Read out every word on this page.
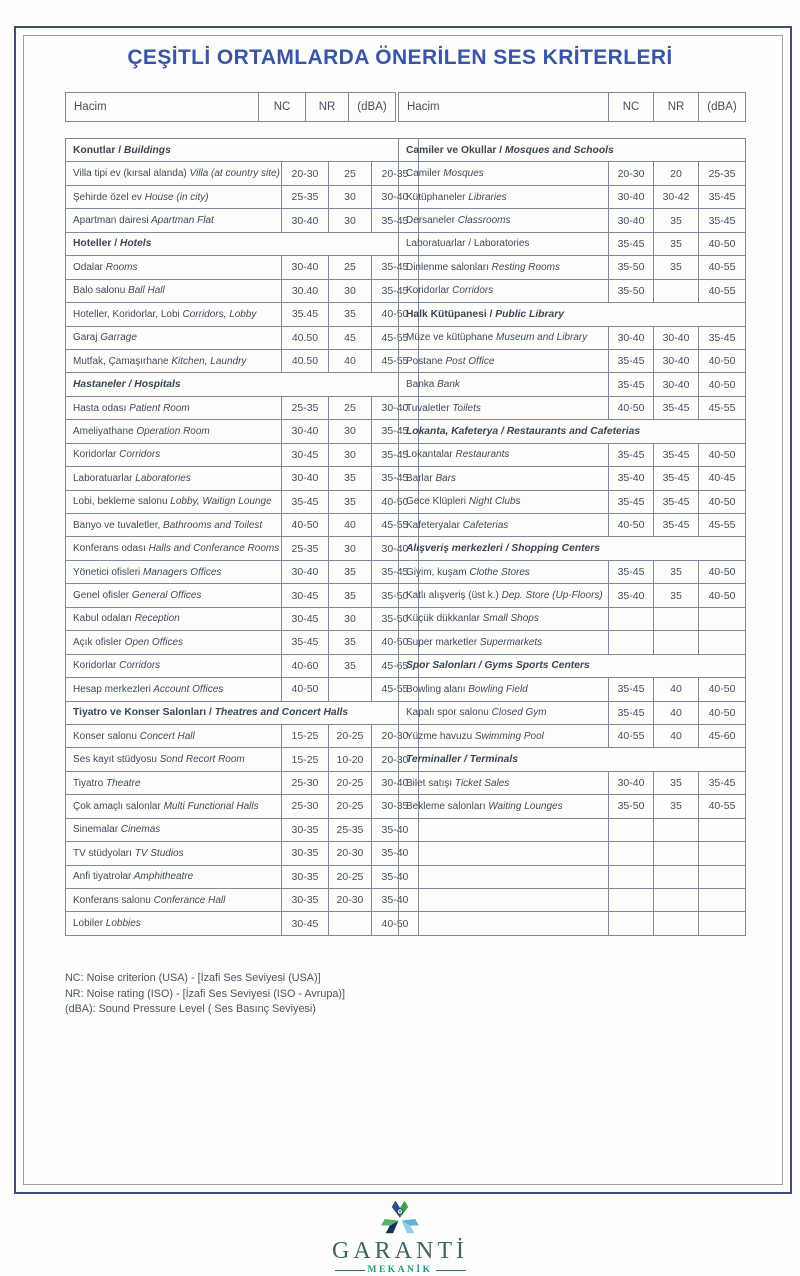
ÇEŞİTLİ ORTAMLARDA ÖNERİLEN SES KRİTERLERİ
Hacim	NC	NR	(dBA) Hacim	NC	NR	(dBA)
Konutlar / Buildings			
Villa tipi ev (kırsal alanda) Villa (at country site)	20-30	25	20-35
Şehirde özel ev House (in city)	25-35	30	30-40
Apartman dairesi Apartman Flat	30-40	30	35-45
Hoteller / Hotels			
Odalar Rooms	30-40	25	35-45
Balo salonu Ball Hall	30.40	30	35-45
Hoteller, Koridorlar, Lobi Corridors, Lobby	35.45	35	40-50
Garaj Garrage	40.50	45	45-55
Mutfak, Çamaşırhane Kitchen, Laundry	40.50	40	45-55
Hastaneler / Hospitals			
Hasta odası Patient Room	25-35	25	30-40
Ameliyathane Operation Room	30-40	30	35-45
Koridorlar Corridors	30-45	30	35-45
Laboratuarlar Laboratories	30-40	35	35-45
Lobi, bekleme salonu Lobby, Waitign Lounge	35-45	35	40-50
Banyo ve tuvaletler, Bathrooms and Toilest	40-50	40	45-55
Konferans odası Halls and Conferance Rooms	25-35	30	30-40
Yönetici ofisleri Managers Offices	30-40	35	35-45
Genel ofisler General Offices	30-45	35	35-50
Kabul odaları Reception	30-45	30	35-50
Açık ofisler Open Offices	35-45	35	40-50
Koridorlar Corridors	40-60	35	45-65
Hesap merkezleri Account Offices	40-50		45-55
Tiyatro ve Konser Salonları / Theatres and Concert Halls			
Konser salonu Concert Hall	15-25	20-25	20-30
Ses kayıt stüdyosu Sond Recort Room	15-25	10-20	20-30
Tiyatro Theatre	25-30	20-25	30-40
Çok amaçlı salonlar Multi Functional Halls	25-30	20-25	30-35
Sinemalar Cinemas	30-35	25-35	35-40
TV stüdyoları TV Studios	30-35	20-30	35-40
Anfi tiyatrolar Amphitheatre	30-35	20-25	35-40
Konferans salonu Conferance Hall	30-35	20-30	35-40
Lobiler Lobbies	30-45		40-50
Camiler ve Okullar / Mosques and Schools			
Camiler Mosques	20-30	20	25-35
Kütüphaneler Libraries	30-40	30-42	35-45
Dersaneler Classrooms	30-40	35	35-45
Laboratuarlar / Laboratories	35-45	35	40-50
Dinlenme salonları Resting Rooms	35-50	35	40-55
Koridorlar Corridors	35-50		40-55
Halk Kütüpanesi / Public Library			
Müze ve kütüphane Museum and Library	30-40	30-40	35-45
Postane Post Office	35-45	30-40	40-50
Banka Bank	35-45	30-40	40-50
Tuvaletler Toilets	40-50	35-45	45-55
Lokanta, Kafeterya / Restaurants and Cafeterias			
Lokantalar Restaurants	35-45	35-45	40-50
Barlar Bars	35-40	35-45	40-45
Gece Klüpleri Night Clubs	35-45	35-45	40-50
Kafeteryalar Cafeterias	40-50	35-45	45-55
Alışveriş merkezleri / Shopping Centers			
Giyim, kuşam Clothe Stores	35-45	35	40-50
Katlı alışveriş (üst k.) Dep. Store (Up-Floors)	35-40	35	40-50
Küçük dükkanlar Small Shops			
Super marketler Supermarkets			
Spor Salonları / Gyms Sports Centers			
Bowling alanı Bowling Field	35-45	40	40-50
Kapalı spor salonu Closed Gym	35-45	40	40-50
Yüzme havuzu Swimming Pool	40-55	40	45-60
Terminaller / Terminals			
Bilet satışı Ticket Sales	30-40	35	35-45
Bekleme salonları Waiting Lounges	35-50	35	40-55

NC: Noise criterion (USA) - [İzafi Ses Seviyesi (USA)]
NR: Noise rating (ISO) - [İzafi Ses Seviyesi (ISO - Avrupa)]
(dBA): Sound Pressure Level ( Ses Basınç Seviyesi)
GARANTİ
MEKANİK
